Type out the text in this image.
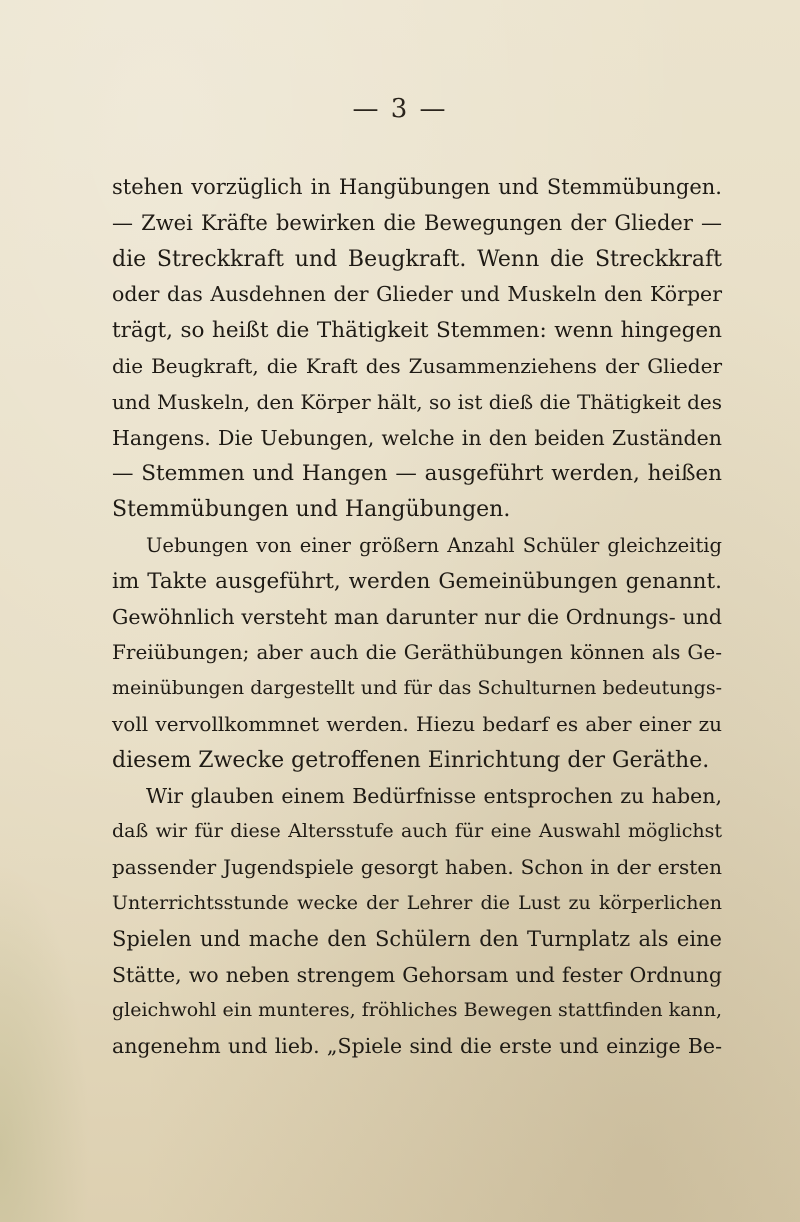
— 3 —
stehen vorzüglich in Hangübungen und Stemmübungen.
— Zwei Kräfte bewirken die Bewegungen der Glieder —
die Streckkraft und Beugkraft. Wenn die Streckkraft
oder das Ausdehnen der Glieder und Muskeln den Körper
trägt, so heißt die Thätigkeit Stemmen: wenn hingegen
die Beugkraft, die Kraft des Zusammenziehens der Glieder
und Muskeln, den Körper hält, so ist dieß die Thätigkeit des
Hangens. Die Uebungen, welche in den beiden Zuständen
— Stemmen und Hangen — ausgeführt werden, heißen
Stemmübungen und Hangübungen.
Uebungen von einer größern Anzahl Schüler gleichzeitig
im Takte ausgeführt, werden Gemeinübungen genannt.
Gewöhnlich versteht man darunter nur die Ordnungs- und
Freiübungen; aber auch die Geräthübungen können als Ge-
meinübungen dargestellt und für das Schulturnen bedeutungs-
voll vervollkommnet werden. Hiezu bedarf es aber einer zu
diesem Zwecke getroffenen Einrichtung der Geräthe.
Wir glauben einem Bedürfnisse entsprochen zu haben,
daß wir für diese Altersstufe auch für eine Auswahl möglichst
passender Jugendspiele gesorgt haben. Schon in der ersten
Unterrichtsstunde wecke der Lehrer die Lust zu körperlichen
Spielen und mache den Schülern den Turnplatz als eine
Stätte, wo neben strengem Gehorsam und fester Ordnung
gleichwohl ein munteres, fröhliches Bewegen stattfinden kann,
angenehm und lieb. „Spiele sind die erste und einzige Be-
